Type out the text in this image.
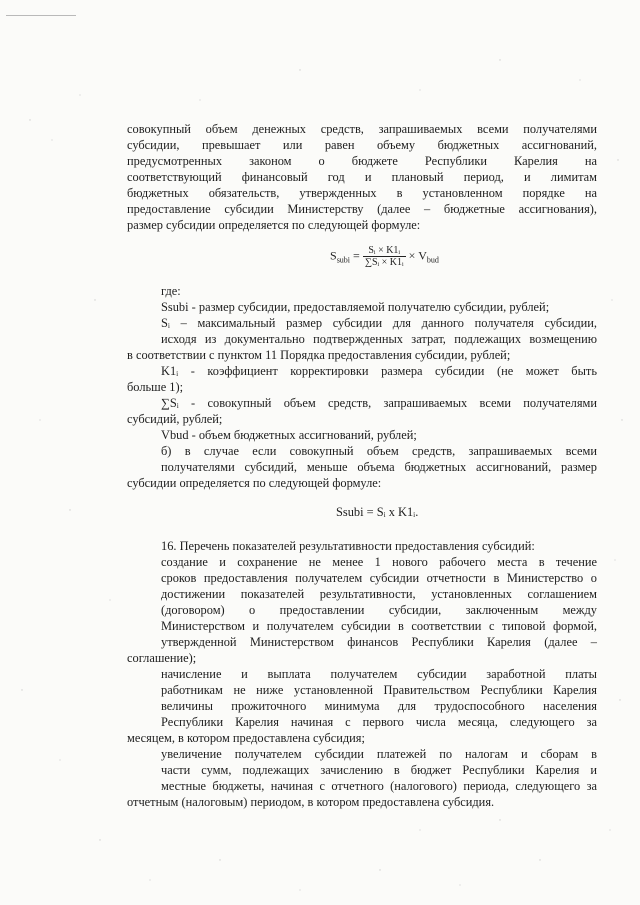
совокупный объем денежных средств, запрашиваемых всеми получателями
субсидии, превышает или равен объему бюджетных ассигнований,
предусмотренных законом о бюджете Республики Карелия на
соответствующий финансовый год и плановый период, и лимитам
бюджетных обязательств, утвержденных в установленном порядке на
предоставление субсидии Министерству (далее – бюджетные ассигнования),
размер субсидии определяется по следующей формуле:
$S_{subi} = \frac{\text{Sᵢ × K1ᵢ}}{\text{∑Sᵢ × K1ᵢ}} \times V_{bud}$
где:
Ssubi - размер субсидии, предоставляемой получателю субсидии, рублей;
Sᵢ – максимальный размер субсидии для данного получателя субсидии,
исходя из документально подтвержденных затрат, подлежащих возмещению
в соответствии с пунктом 11 Порядка предоставления субсидии, рублей;
K1ᵢ - коэффициент корректировки размера субсидии (не может быть
больше 1);
∑Sᵢ - совокупный объем средств, запрашиваемых всеми получателями
субсидий, рублей;
Vbud - объем бюджетных ассигнований, рублей;
б) в случае если совокупный объем средств, запрашиваемых всеми
получателями субсидий, меньше объема бюджетных ассигнований, размер
субсидии определяется по следующей формуле:
Ssubi = Sᵢ x K1ᵢ.
16. Перечень показателей результативности предоставления субсидий:
создание и сохранение не менее 1 нового рабочего места в течение
сроков предоставления получателем субсидии отчетности в Министерство о
достижении показателей результативности, установленных соглашением
(договором) о предоставлении субсидии, заключенным между
Министерством и получателем субсидии в соответствии с типовой формой,
утвержденной Министерством финансов Республики Карелия (далее –
соглашение);
начисление и выплата получателем субсидии заработной платы
работникам не ниже установленной Правительством Республики Карелия
величины прожиточного минимума для трудоспособного населения
Республики Карелия начиная с первого числа месяца, следующего за
месяцем, в котором предоставлена субсидия;
увеличение получателем субсидии платежей по налогам и сборам в
части сумм, подлежащих зачислению в бюджет Республики Карелия и
местные бюджеты, начиная с отчетного (налогового) периода, следующего за
отчетным (налоговым) периодом, в котором предоставлена субсидия.
